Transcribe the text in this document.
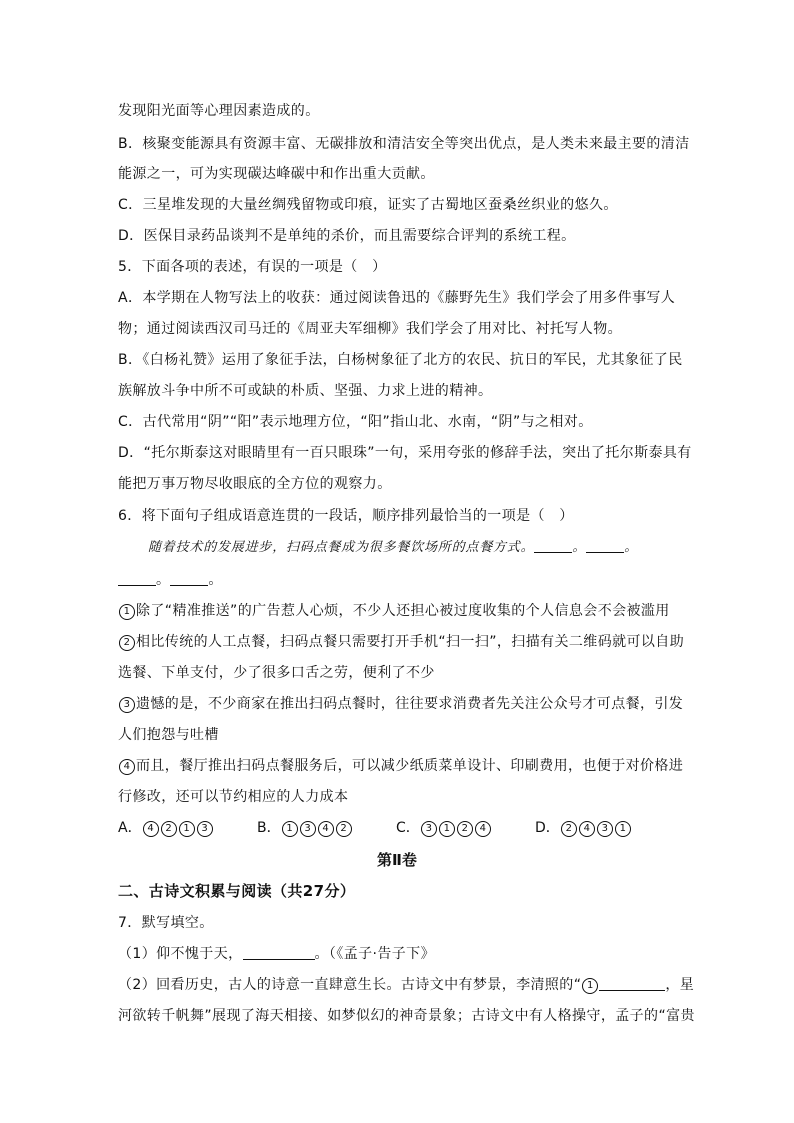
发现阳光面等心理因素造成的。
B．核聚变能源具有资源丰富、无碳排放和清洁安全等突出优点，是人类未来最主要的清洁
能源之一，可为实现碳达峰碳中和作出重大贡献。
C．三星堆发现的大量丝绸残留物或印痕，证实了古蜀地区蚕桑丝织业的悠久。
D．医保目录药品谈判不是单纯的杀价，而且需要综合评判的系统工程。
5．下面各项的表述，有误的一项是（　）
A．本学期在人物写法上的收获：通过阅读鲁迅的《藤野先生》我们学会了用多件事写人
物；通过阅读西汉司马迁的《周亚夫军细柳》我们学会了用对比、衬托写人物。
B．《白杨礼赞》运用了象征手法，白杨树象征了北方的农民、抗日的军民，尤其象征了民
族解放斗争中所不可或缺的朴质、坚强、力求上进的精神。
C．古代常用“阴”“阳”表示地理方位，“阳”指山北、水南，“阴”与之相对。
D．“托尔斯泰这对眼睛里有一百只眼珠”一句，采用夸张的修辞手法，突出了托尔斯泰具有
能把万事万物尽收眼底的全方位的观察力。
6．将下面句子组成语意连贯的一段话，顺序排列最恰当的一项是（　）
随着技术的发展进步，扫码点餐成为很多餐饮场所的点餐方式。	。	。
。	。
1 除了“精准推送”的广告惹人心烦，不少人还担心被过度收集的个人信息会不会被滥用
2 相比传统的人工点餐，扫码点餐只需要打开手机“扫一扫”，扫描有关二维码就可以自助
选餐、下单支付，少了很多口舌之劳，便利了不少
3 遗憾的是，不少商家在推出扫码点餐时，往往要求消费者先关注公众号才可点餐，引发
人们抱怨与吐槽
4 而且，餐厅推出扫码点餐服务后，可以减少纸质菜单设计、印刷费用，也便于对价格进
行修改，还可以节约相应的人力成本
A． 4 2 1 3	B． 1 3 4 2	C． 3 1 2 4	D． 2 4 3 1
第Ⅱ卷
二、古诗文积累与阅读（共27分）
7．默写填空。
（1）仰不愧于天，	。（《孟子·告子下》
（2）回看历史，古人的诗意一直肆意生长。古诗文中有梦景，李清照的“ 1	，星
河欲转千帆舞”展现了海天相接、如梦似幻的神奇景象；古诗文中有人格操守，孟子的“富贵
